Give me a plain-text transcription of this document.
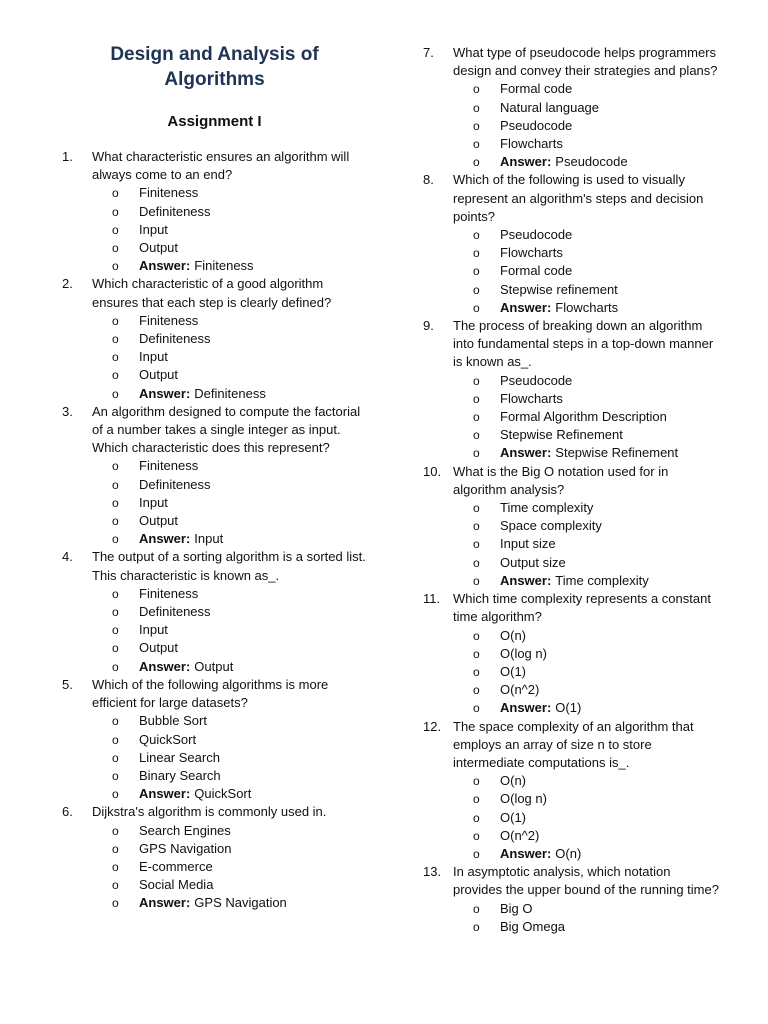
Design and Analysis of
Algorithms
Assignment I
1.	What characteristic ensures an algorithm will always come to an end?
o	Finiteness
o	Definiteness
o	Input
o	Output
o	Answer: Finiteness
2.	Which characteristic of a good algorithm ensures that each step is clearly defined?
o	Finiteness
o	Definiteness
o	Input
o	Output
o	Answer: Definiteness
3.	An algorithm designed to compute the factorial of a number takes a single integer as input. Which characteristic does this represent?
o	Finiteness
o	Definiteness
o	Input
o	Output
o	Answer: Input
4.	The output of a sorting algorithm is a sorted list. This characteristic is known as_.
o	Finiteness
o	Definiteness
o	Input
o	Output
o	Answer: Output
5.	Which of the following algorithms is more efficient for large datasets?
o	Bubble Sort
o	QuickSort
o	Linear Search
o	Binary Search
o	Answer: QuickSort
6.	Dijkstra's algorithm is commonly used in.
o	Search Engines
o	GPS Navigation
o	E-commerce
o	Social Media
o	Answer: GPS Navigation
7.	What type of pseudocode helps programmers design and convey their strategies and plans?
o	Formal code
o	Natural language
o	Pseudocode
o	Flowcharts
o	Answer: Pseudocode
8.	Which of the following is used to visually represent an algorithm's steps and decision points?
o	Pseudocode
o	Flowcharts
o	Formal code
o	Stepwise refinement
o	Answer: Flowcharts
9.	The process of breaking down an algorithm into fundamental steps in a top-down manner is known as_.
o	Pseudocode
o	Flowcharts
o	Formal Algorithm Description
o	Stepwise Refinement
o	Answer: Stepwise Refinement
10. What is the Big O notation used for in algorithm analysis?
o	Time complexity
o	Space complexity
o	Input size
o	Output size
o	Answer: Time complexity
11. Which time complexity represents a constant time algorithm?
o	O(n)
o	O(log n)
o	O(1)
o	O(n^2)
o	Answer: O(1)
12. The space complexity of an algorithm that employs an array of size n to store intermediate computations is_.
o	O(n)
o	O(log n)
o	O(1)
o	O(n^2)
o	Answer: O(n)
13. In asymptotic analysis, which notation provides the upper bound of the running time?
o	Big O
o	Big Omega
